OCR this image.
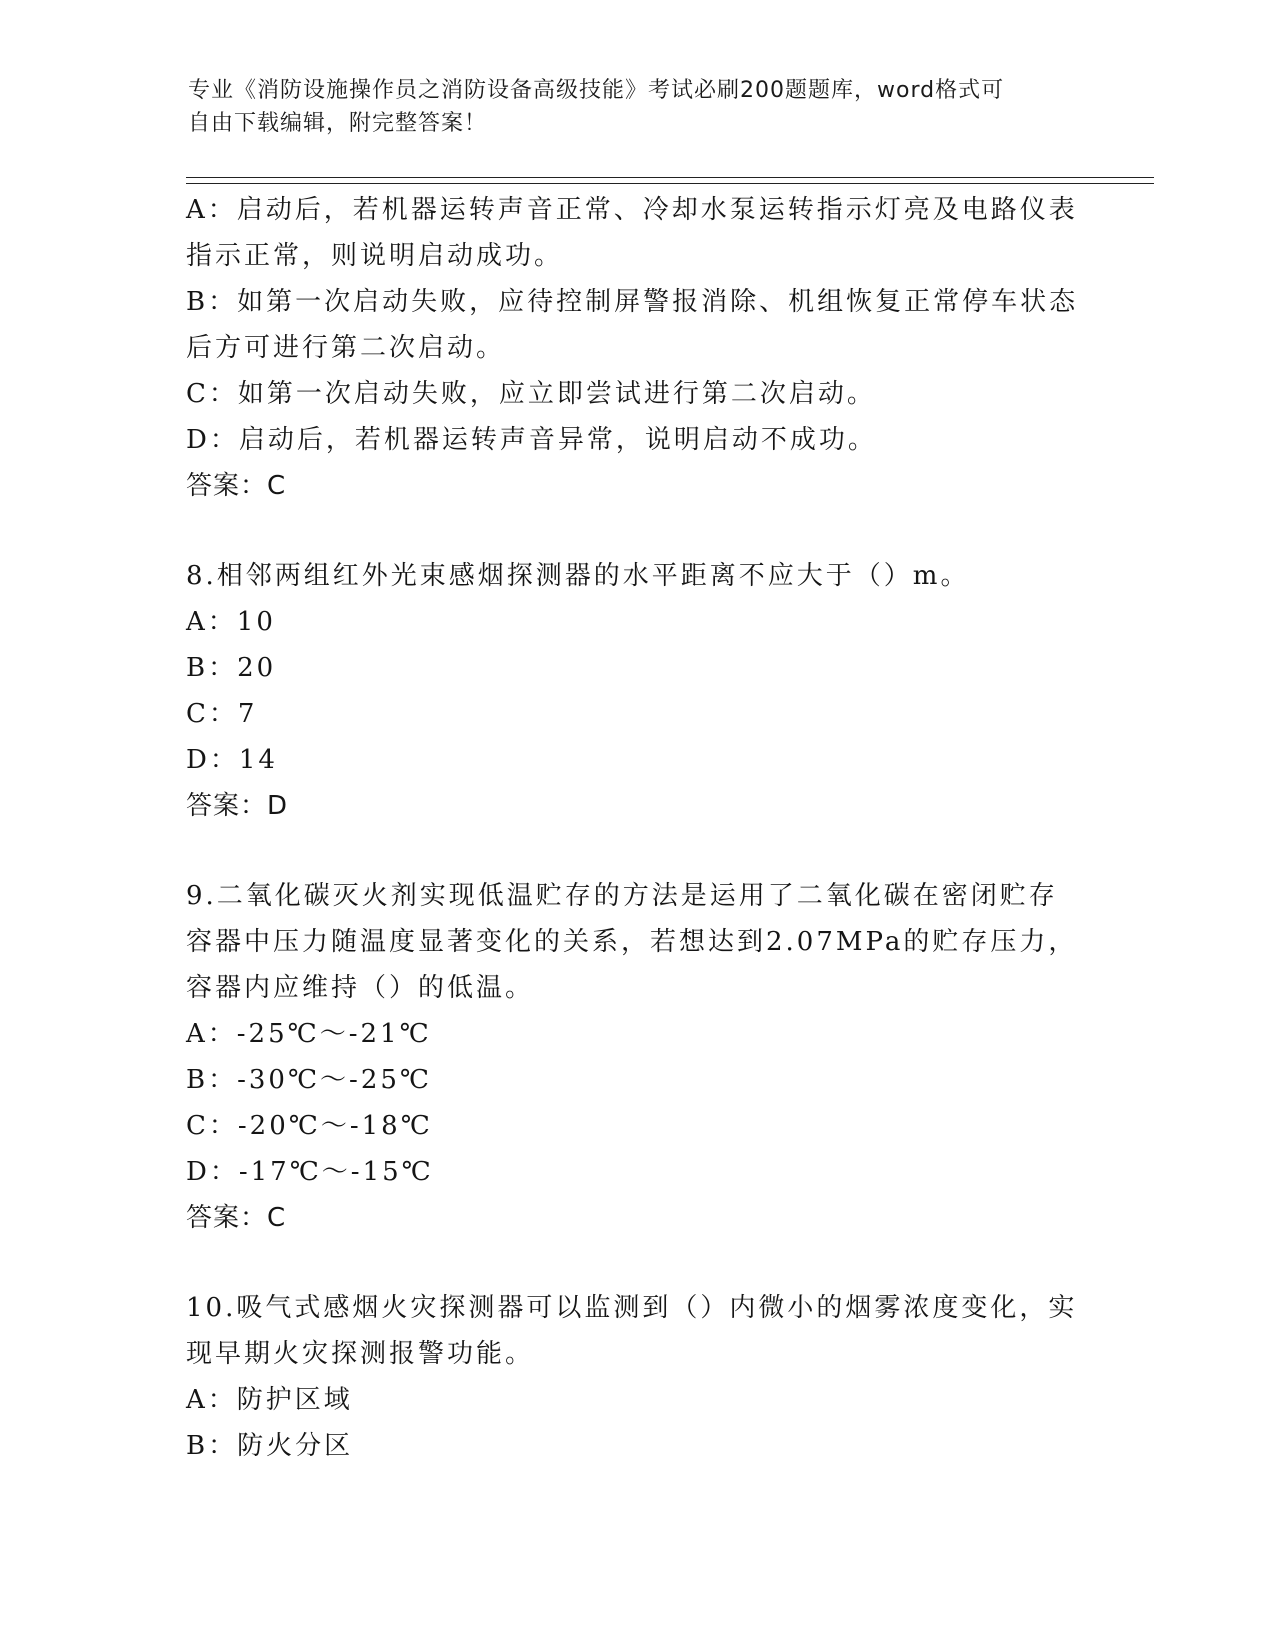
专业《消防设施操作员之消防设备高级技能》考试必刷200题题库，word格式可
自由下载编辑，附完整答案！
A：启动后，若机器运转声音正常、冷却水泵运转指示灯亮及电路仪表
指示正常，则说明启动成功。
B：如第一次启动失败，应待控制屏警报消除、机组恢复正常停车状态
后方可进行第二次启动。
C：如第一次启动失败，应立即尝试进行第二次启动。
D：启动后，若机器运转声音异常，说明启动不成功。
答案：C
8.相邻两组红外光束感烟探测器的水平距离不应大于（）m。
A：10
B：20
C：7
D：14
答案：D
9.二氧化碳灭火剂实现低温贮存的方法是运用了二氧化碳在密闭贮存
容器中压力随温度显著变化的关系，若想达到2.07MPa的贮存压力，
容器内应维持（）的低温。
A：-25℃～-21℃
B：-30℃～-25℃
C：-20℃～-18℃
D：-17℃～-15℃
答案：C
10.吸气式感烟火灾探测器可以监测到（）内微小的烟雾浓度变化，实
现早期火灾探测报警功能。
A：防护区域
B：防火分区
